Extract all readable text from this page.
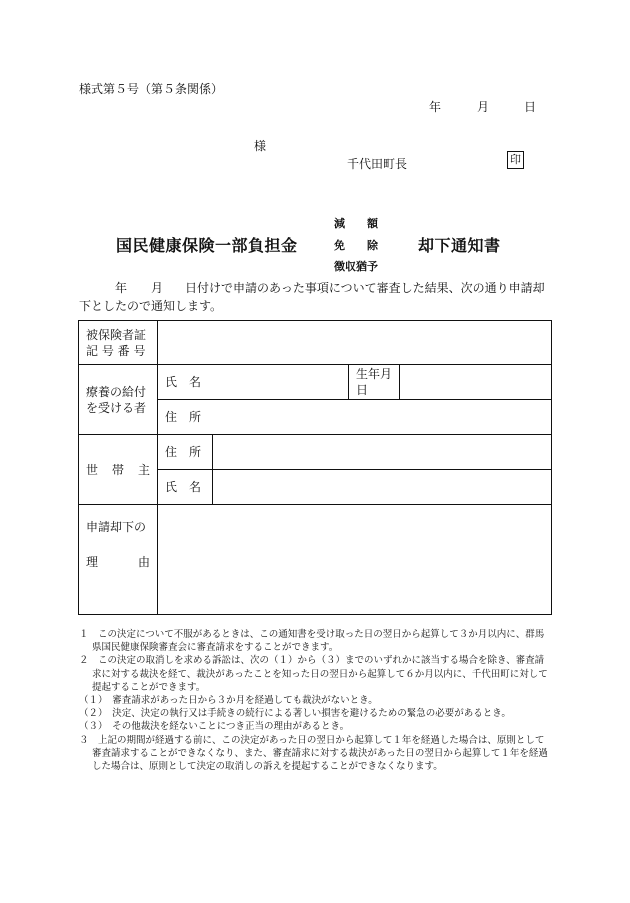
様式第５号（第５条関係）
年	月	日
様
千代田町長	印
国民健康保険一部負担金
減　　額
免　　除
徴収猶予
却下通知書
年 月 日付けで申請のあった事項について審査した結果、次の通り申請却下としたので通知します。
被保険者証
記 号 番 号				

療養の給付
を受ける者	氏　名		生年月日	
	住　所			

世 帯 主	住　所			
	氏　名			

申請却下の
理 由				

１　この決定について不服があるときは、この通知書を受け取った日の翌日から起算して３か月以内に、群馬県国民健康保険審査会に審査請求をすることができます。

２　この決定の取消しを求める訴訟は、次の（１）から（３）までのいずれかに該当する場合を除き、審査請求に対する裁決を経て、裁決があったことを知った日の翌日から起算して６か月以内に、千代田町に対して提起することができます。

（１）　審査請求があった日から３か月を経過しても裁決がないとき。

（２）　決定、決定の執行又は手続きの続行による著しい損害を避けるための緊急の必要があるとき。

（３）　その他裁決を経ないことにつき正当の理由があるとき。

３　上記の期間が経過する前に、この決定があった日の翌日から起算して１年を経過した場合は、原則として審査請求することができなくなり、また、審査請求に対する裁決があった日の翌日から起算して１年を経過した場合は、原則として決定の取消しの訴えを提起することができなくなります。
